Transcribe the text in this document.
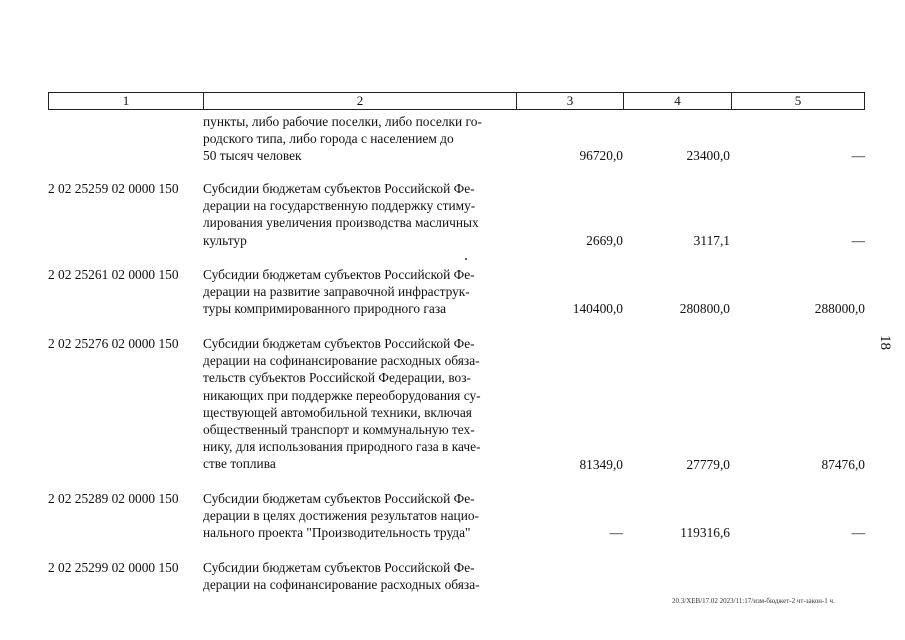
1	2	3	4	5
пункты, либо рабочие поселки, либо поселки го-
родского типа, либо города с населением до
50 тысяч человек	96720,0	23400,0	—
2 02 25259 02 0000 150	Субсидии бюджетам субъектов Российской Фе-
дерации на государственную поддержку стиму-
лирования увеличения производства масличных
культур	2669,0	3117,1	—
2 02 25261 02 0000 150	Субсидии бюджетам субъектов Российской Фе-
дерации на развитие заправочной инфраструк-
туры компримированного природного газа	140400,0	280800,0	288000,0
2 02 25276 02 0000 150	Субсидии бюджетам субъектов Российской Фе-
дерации на софинансирование расходных обяза-
тельств субъектов Российской Федерации, воз-
никающих при поддержке переоборудования су-
ществующей автомобильной техники, включая
общественный транспорт и коммунальную тех-
нику, для использования природного газа в каче-
стве топлива	81349,0	27779,0	87476,0
2 02 25289 02 0000 150	Субсидии бюджетам субъектов Российской Фе-
дерации в целях достижения результатов нацио-
нального проекта "Производительность труда"	—	119316,6	—
2 02 25299 02 0000 150	Субсидии бюджетам субъектов Российской Фе-
дерации на софинансирование расходных обяза-
18
20.3/ХЕВ/17.02 2023/11:17/изм-бюджет-2 чт-закон-1 ч.
